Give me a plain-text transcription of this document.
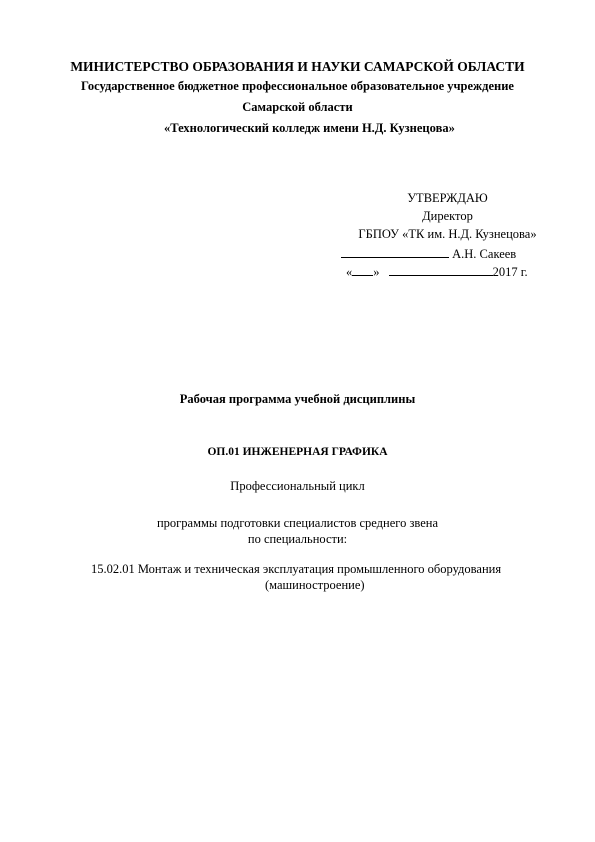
МИНИСТЕРСТВО ОБРАЗОВАНИЯ И НАУКИ САМАРСКОЙ ОБЛАСТИ
Государственное бюджетное профессиональное образовательное учреждение
Самарской области
«Технологический колледж имени Н.Д. Кузнецова»
УТВЕРЖДАЮ
Директор
ГБПОУ «ТК им. Н.Д. Кузнецова»
А.Н. Сакеев
« »	2017 г.
Рабочая программа учебной дисциплины
ОП.01 ИНЖЕНЕРНАЯ ГРАФИКА
Профессиональный цикл
программы подготовки специалистов среднего звена
по специальности:
15.02.01 Монтаж и техническая эксплуатация промышленного оборудования
(машиностроение)
